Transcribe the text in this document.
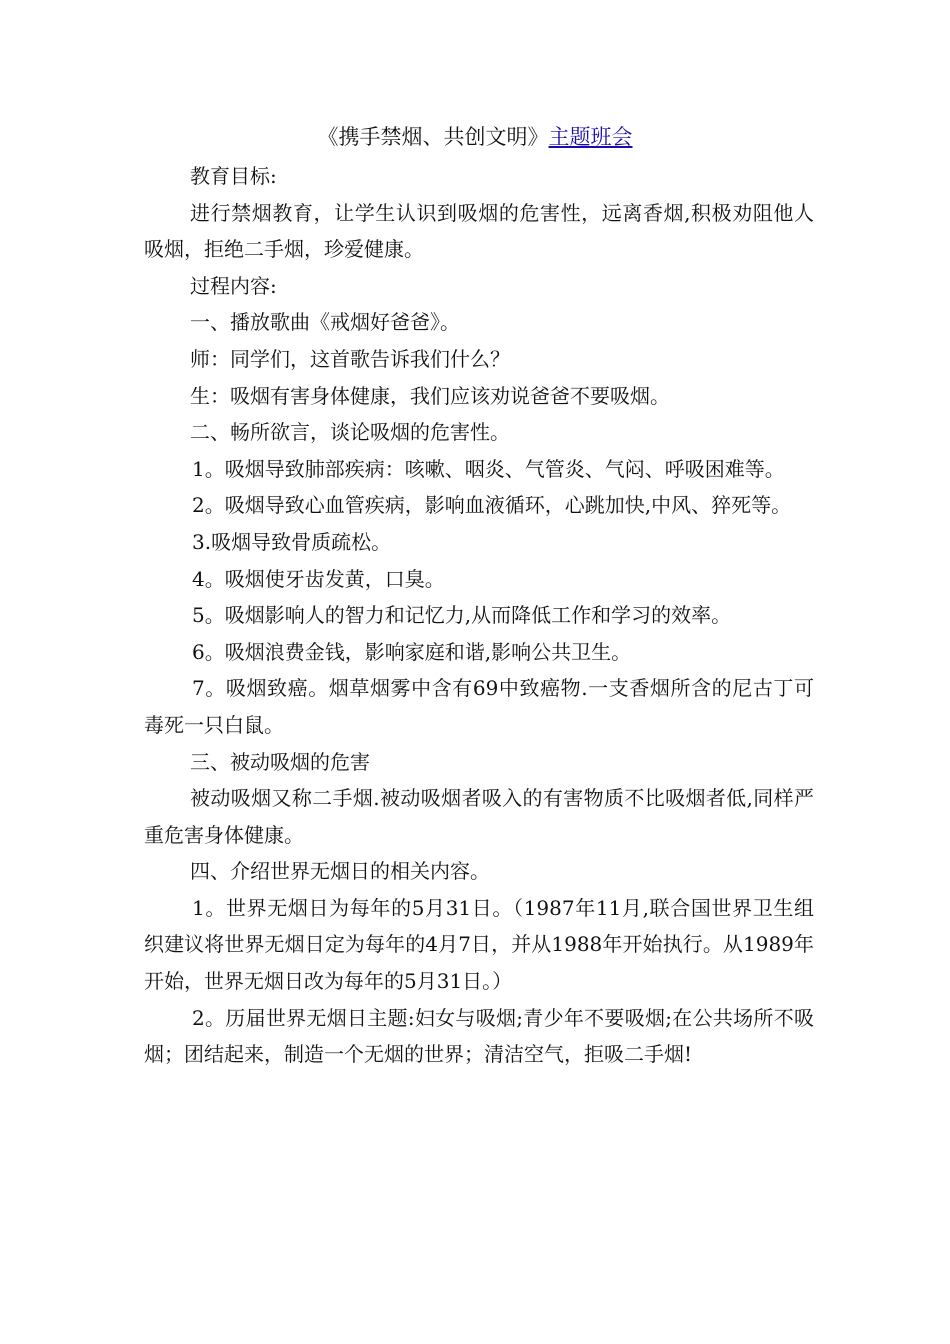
《携手禁烟、共创文明》主题班会

教育目标:

进行禁烟教育，让学生认识到吸烟的危害性，远离香烟,积极劝阻他人吸烟，拒绝二手烟，珍爱健康。

过程内容:

一、播放歌曲《戒烟好爸爸》。

师：同学们，这首歌告诉我们什么？

生：吸烟有害身体健康，我们应该劝说爸爸不要吸烟。

二、畅所欲言，谈论吸烟的危害性。

1。吸烟导致肺部疾病：咳嗽、咽炎、气管炎、气闷、呼吸困难等。

2。吸烟导致心血管疾病，影响血液循环，心跳加快,中风、猝死等。

3.吸烟导致骨质疏松。

4。吸烟使牙齿发黄，口臭。

5。吸烟影响人的智力和记忆力,从而降低工作和学习的效率。

6。吸烟浪费金钱，影响家庭和谐,影响公共卫生。

7。吸烟致癌。烟草烟雾中含有69中致癌物.一支香烟所含的尼古丁可毒死一只白鼠。

三、被动吸烟的危害

被动吸烟又称二手烟.被动吸烟者吸入的有害物质不比吸烟者低,同样严重危害身体健康。

四、介绍世界无烟日的相关内容。

1。世界无烟日为每年的5月31日。（1987年11月,联合国世界卫生组织建议将世界无烟日定为每年的4月7日，并从1988年开始执行。从1989年开始，世界无烟日改为每年的5月31日。）

2。历届世界无烟日主题:妇女与吸烟;青少年不要吸烟;在公共场所不吸烟；团结起来，制造一个无烟的世界；清洁空气，拒吸二手烟!
